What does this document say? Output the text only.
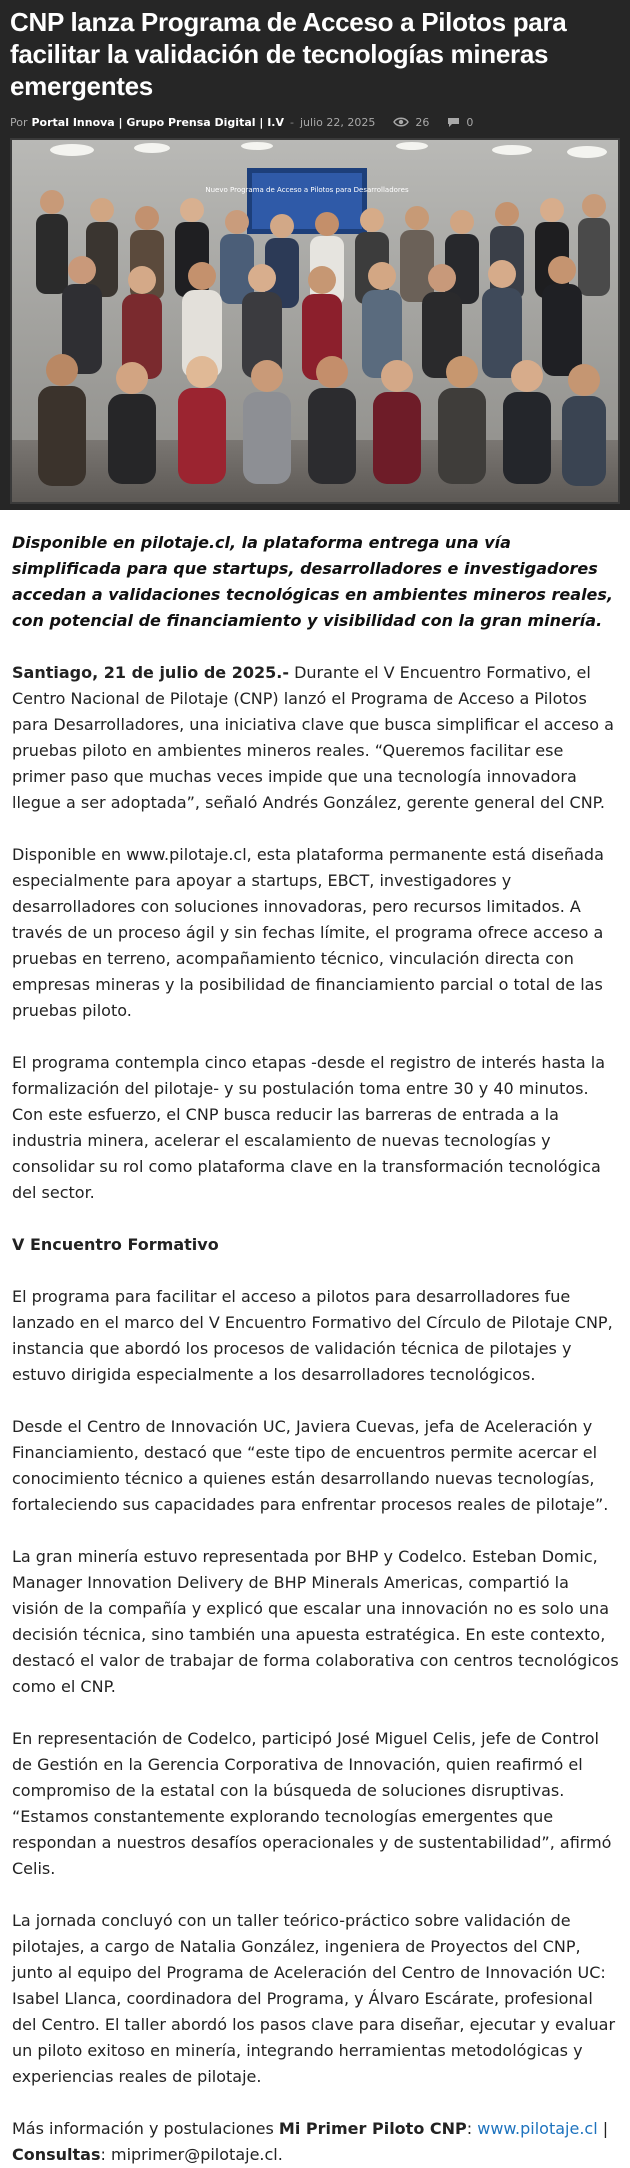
CNP lanza Programa de Acceso a Pilotos para facilitar la validación de tecnologías mineras emergentes
Por Portal Innova | Grupo Prensa Digital | I.V - julio 22, 2025	26	0
Nuevo Programa de Acceso a Pilotos para Desarrolladores

Disponible en pilotaje.cl, la plataforma entrega una vía simplificada para que startups, desarrolladores e investigadores accedan a validaciones tecnológicas en ambientes mineros reales, con potencial de financiamiento y visibilidad con la gran minería.

Santiago, 21 de julio de 2025.- Durante el V Encuentro Formativo, el Centro Nacional de Pilotaje (CNP) lanzó el Programa de Acceso a Pilotos para Desarrolladores, una iniciativa clave que busca simplificar el acceso a pruebas piloto en ambientes mineros reales. “Queremos facilitar ese primer paso que muchas veces impide que una tecnología innovadora llegue a ser adoptada”, señaló Andrés González, gerente general del CNP.

Disponible en www.pilotaje.cl, esta plataforma permanente está diseñada especialmente para apoyar a startups, EBCT, investigadores y desarrolladores con soluciones innovadoras, pero recursos limitados. A través de un proceso ágil y sin fechas límite, el programa ofrece acceso a pruebas en terreno, acompañamiento técnico, vinculación directa con empresas mineras y la posibilidad de financiamiento parcial o total de las pruebas piloto.

El programa contempla cinco etapas -desde el registro de interés hasta la formalización del pilotaje- y su postulación toma entre 30 y 40 minutos. Con este esfuerzo, el CNP busca reducir las barreras de entrada a la industria minera, acelerar el escalamiento de nuevas tecnologías y consolidar su rol como plataforma clave en la transformación tecnológica del sector.

V Encuentro Formativo

El programa para facilitar el acceso a pilotos para desarrolladores fue lanzado en el marco del V Encuentro Formativo del Círculo de Pilotaje CNP, instancia que abordó los procesos de validación técnica de pilotajes y estuvo dirigida especialmente a los desarrolladores tecnológicos.

Desde el Centro de Innovación UC, Javiera Cuevas, jefa de Aceleración y Financiamiento, destacó que “este tipo de encuentros permite acercar el conocimiento técnico a quienes están desarrollando nuevas tecnologías, fortaleciendo sus capacidades para enfrentar procesos reales de pilotaje”.

La gran minería estuvo representada por BHP y Codelco. Esteban Domic, Manager Innovation Delivery de BHP Minerals Americas, compartió la visión de la compañía y explicó que escalar una innovación no es solo una decisión técnica, sino también una apuesta estratégica. En este contexto, destacó el valor de trabajar de forma colaborativa con centros tecnológicos como el CNP.

En representación de Codelco, participó José Miguel Celis, jefe de Control de Gestión en la Gerencia Corporativa de Innovación, quien reafirmó el compromiso de la estatal con la búsqueda de soluciones disruptivas. “Estamos constantemente explorando tecnologías emergentes que respondan a nuestros desafíos operacionales y de sustentabilidad”, afirmó Celis.

La jornada concluyó con un taller teórico-práctico sobre validación de pilotajes, a cargo de Natalia González, ingeniera de Proyectos del CNP, junto al equipo del Programa de Aceleración del Centro de Innovación UC: Isabel Llanca, coordinadora del Programa, y Álvaro Escárate, profesional del Centro. El taller abordó los pasos clave para diseñar, ejecutar y evaluar un piloto exitoso en minería, integrando herramientas metodológicas y experiencias reales de pilotaje.

Más información y postulaciones Mi Primer Piloto CNP: www.pilotaje.cl | Consultas: miprimer@pilotaje.cl.
